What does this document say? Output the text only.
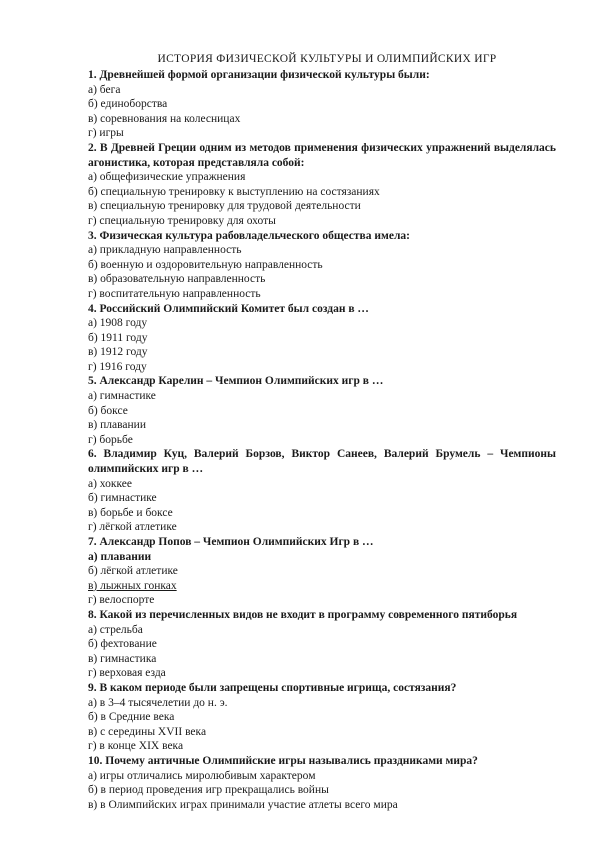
ИСТОРИЯ ФИЗИЧЕСКОЙ КУЛЬТУРЫ И ОЛИМПИЙСКИХ ИГР
1. Древнейшей формой организации физической культуры были:
а) бега
б) единоборства
в) соревнования на колесницах
г) игры
2. В Древней Греции одним из методов применения физических упражнений выделялась агонистика, которая представляла собой:
а) общефизические упражнения
б) специальную тренировку к выступлению на состязаниях
в) специальную тренировку для трудовой деятельности
г) специальную тренировку для охоты
3. Физическая культура рабовладельческого общества имела:
а) прикладную направленность
б) военную и оздоровительную направленность
в) образовательную направленность
г) воспитательную направленность
4. Российский Олимпийский Комитет был создан в …
а) 1908 году
б) 1911 году
в) 1912 году
г) 1916 году
5. Александр Карелин – Чемпион Олимпийских игр в …
а) гимнастике
б) боксе
в) плавании
г) борьбе
6. Владимир Куц, Валерий Борзов, Виктор Санеев, Валерий Брумель – Чемпионы олимпийских игр в …
а) хоккее
б) гимнастике
в) борьбе и боксе
г) лёгкой атлетике
7. Александр Попов – Чемпион Олимпийских Игр в …
а) плавании
б) лёгкой атлетике
в) лыжных гонках
г) велоспорте
8. Какой из перечисленных видов не входит в программу современного пятиборья
а) стрельба
б) фехтование
в) гимнастика
г) верховая езда
9. В каком периоде были запрещены спортивные игрища, состязания?
а) в 3–4 тысячелетии до н. э.
б) в Средние века
в) с середины XVII века
г) в конце XIX века
10. Почему античные Олимпийские игры назывались праздниками мира?
а) игры отличались миролюбивым характером
б) в период проведения игр прекращались войны
в) в Олимпийских играх принимали участие атлеты всего мира
